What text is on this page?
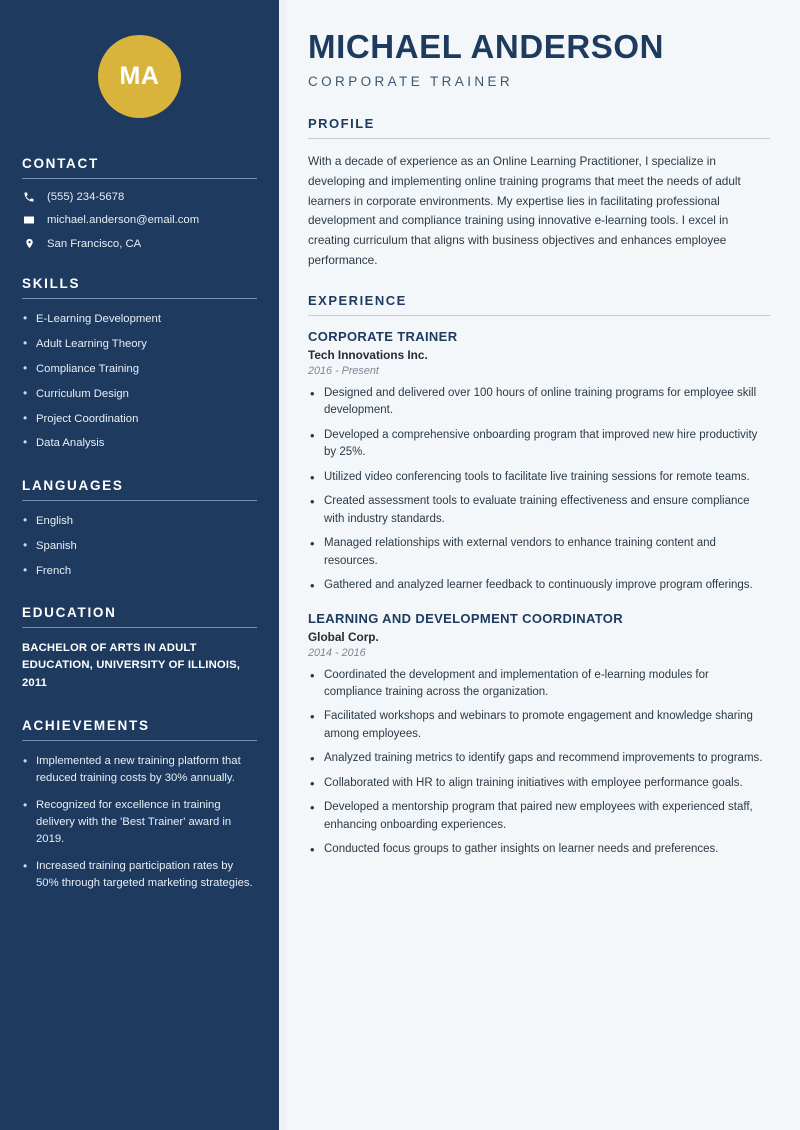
MA
CONTACT
(555) 234-5678
michael.anderson@email.com
San Francisco, CA
SKILLS
• E-Learning Development
• Adult Learning Theory
• Compliance Training
• Curriculum Design
• Project Coordination
• Data Analysis
LANGUAGES
• English
• Spanish
• French
EDUCATION
BACHELOR OF ARTS IN ADULT EDUCATION, UNIVERSITY OF ILLINOIS, 2011
ACHIEVEMENTS
• Implemented a new training platform that reduced training costs by 30% annually.
• Recognized for excellence in training delivery with the 'Best Trainer' award in 2019.
• Increased training participation rates by 50% through targeted marketing strategies.
MICHAEL ANDERSON
CORPORATE TRAINER
PROFILE

With a decade of experience as an Online Learning Practitioner, I specialize in developing and implementing online training programs that meet the needs of adult learners in corporate environments. My expertise lies in facilitating professional development and compliance training using innovative e-learning tools. I excel in creating curriculum that aligns with business objectives and enhances employee performance.

EXPERIENCE
CORPORATE TRAINER
Tech Innovations Inc.
2016 - Present
• Designed and delivered over 100 hours of online training programs for employee skill development.
• Developed a comprehensive onboarding program that improved new hire productivity by 25%.
• Utilized video conferencing tools to facilitate live training sessions for remote teams.
• Created assessment tools to evaluate training effectiveness and ensure compliance with industry standards.
• Managed relationships with external vendors to enhance training content and resources.
• Gathered and analyzed learner feedback to continuously improve program offerings.
LEARNING AND DEVELOPMENT COORDINATOR
Global Corp.
2014 - 2016
• Coordinated the development and implementation of e-learning modules for compliance training across the organization.
• Facilitated workshops and webinars to promote engagement and knowledge sharing among employees.
• Analyzed training metrics to identify gaps and recommend improvements to programs.
• Collaborated with HR to align training initiatives with employee performance goals.
• Developed a mentorship program that paired new employees with experienced staff, enhancing onboarding experiences.
• Conducted focus groups to gather insights on learner needs and preferences.
